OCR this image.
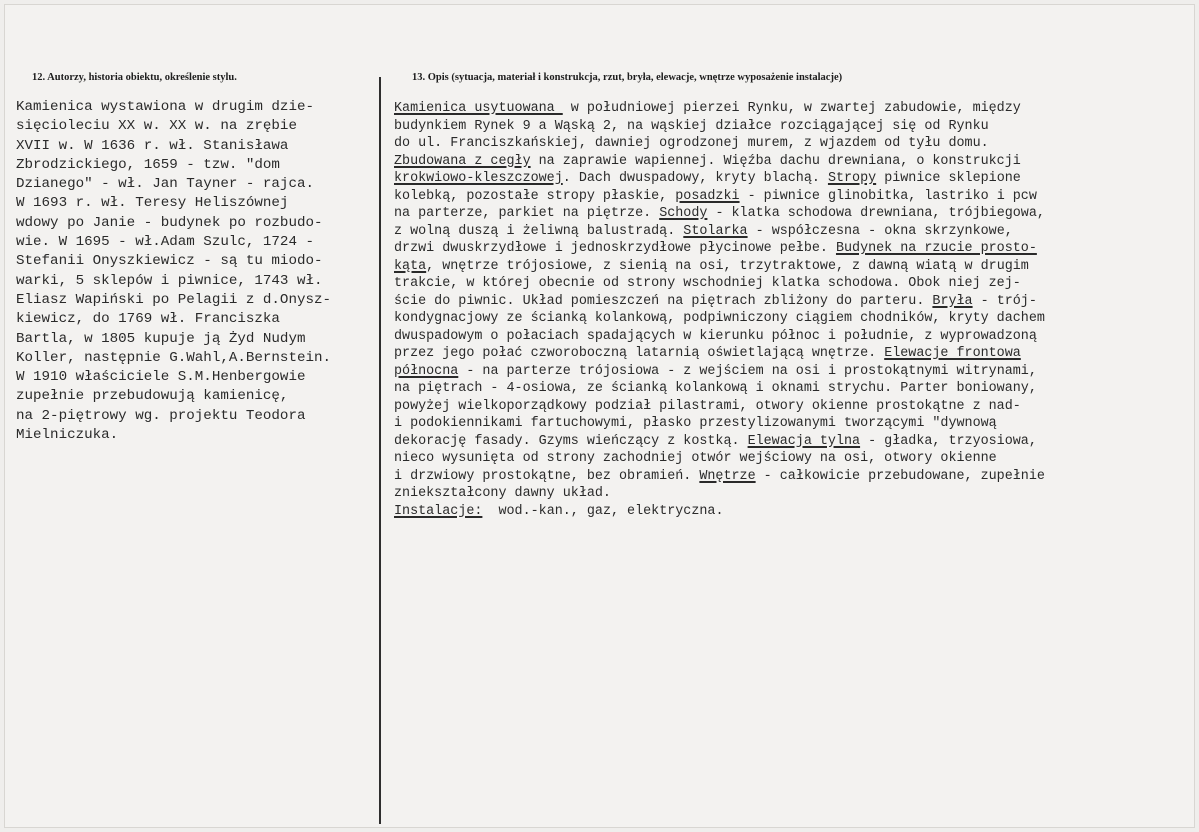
12. Autorzy, historia obiektu, określenie stylu.	13. Opis (sytuacja, materiał i konstrukcja, rzut, bryła, elewacje, wnętrze wyposażenie instalacje)
Kamienica wystawiona w drugim dzie-
sięcioleciu XX w. XX w. na zrębie
XVII w. W 1636 r. wł. Stanisława
Zbrodzickiego, 1659 - tzw. "dom
Dzianego" - wł. Jan Tayner - rajca.
W 1693 r. wł. Teresy Heliszównej
wdowy po Janie - budynek po rozbudo-
wie. W 1695 - wł.Adam Szulc, 1724 -
Stefanii Onyszkiewicz - są tu miodo-
warki, 5 sklepów i piwnice, 1743 wł.
Eliasz Wapiński po Pelagii z d.Onysz-
kiewicz, do 1769 wł. Franciszka
Bartla, w 1805 kupuje ją Żyd Nudym
Koller, następnie G.Wahl,A.Bernstein.
W 1910 właściciele S.M.Henbergowie
zupełnie przebudowują kamienicę,
na 2-piętrowy wg. projektu Teodora
Mielniczuka.
Kamienica usytuowana  w południowej pierzei Rynku, w zwartej zabudowie, między
budynkiem Rynek 9 a Wąską 2, na wąskiej działce rozciągającej się od Rynku
do ul. Franciszkańskiej, dawniej ogrodzonej murem, z wjazdem od tyłu domu.
Zbudowana z cegły na zaprawie wapiennej. Więźba dachu drewniana, o konstrukcji
krokwiowo-kleszczowej. Dach dwuspadowy, kryty blachą. Stropy piwnice sklepione
kolebką, pozostałe stropy płaskie, posadzki - piwnice glinobitka, lastriko i pcw
na parterze, parkiet na piętrze. Schody - klatka schodowa drewniana, trójbiegowa,
z wolną duszą i żeliwną balustradą. Stolarka - współczesna - okna skrzynkowe,
drzwi dwuskrzydłowe i jednoskrzydłowe płycinowe pełbe. Budynek na rzucie prosto-
kąta, wnętrze trójosiowe, z sienią na osi, trzytraktowe, z dawną wiatą w drugim
trakcie, w której obecnie od strony wschodniej klatka schodowa. Obok niej zej-
ście do piwnic. Układ pomieszczeń na piętrach zbliżony do parteru. Bryła - trój-
kondygnacjowy ze ścianką kolankową, podpiwniczony ciągiem chodników, kryty dachem
dwuspadowym o połaciach spadających w kierunku północ i południe, z wyprowadzoną
przez jego połać czworoboczną latarnią oświetlającą wnętrze. Elewacje frontowa
północna - na parterze trójosiowa - z wejściem na osi i prostokątnymi witrynami,
na piętrach - 4-osiowa, ze ścianką kolankową i oknami strychu. Parter boniowany,
powyżej wielkoporządkowy podział pilastrami, otwory okienne prostokątne z nad-
i podokiennikami fartuchowymi, płasko przestylizowanymi tworzącymi "dywnową
dekorację fasady. Gzyms wieńczący z kostką. Elewacja tylna - gładka, trzyosiowa,
nieco wysunięta od strony zachodniej otwór wejściowy na osi, otwory okienne
i drzwiowy prostokątne, bez obramień. Wnętrze - całkowicie przebudowane, zupełnie
zniekształcony dawny układ.
Instalacje:  wod.-kan., gaz, elektryczna.
